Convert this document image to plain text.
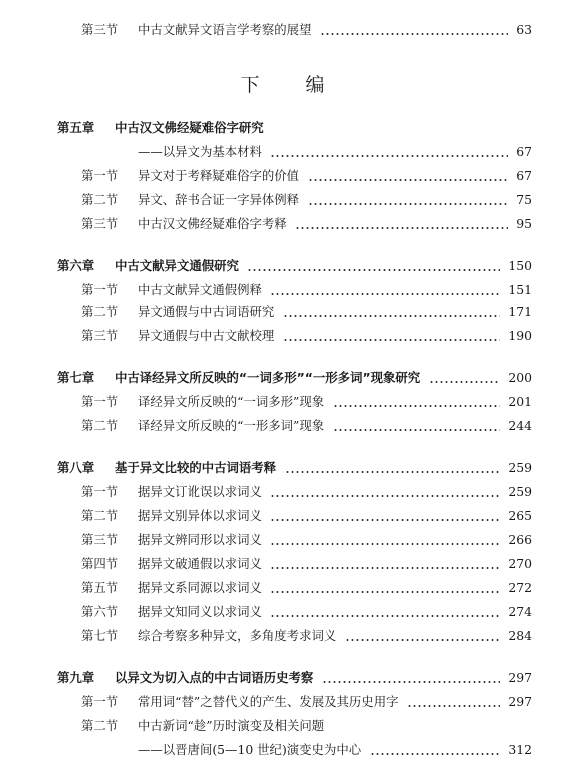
第三节 中古文献异文语言学考察的展望	63
下 编
第五章 中古汉文佛经疑难俗字研究
——以异文为基本材料	67
第一节 异文对于考释疑难俗字的价值	67
第二节 异文、辞书合证一字异体例释	75
第三节 中古汉文佛经疑难俗字考释	95
第六章 中古文献异文通假研究	150
第一节 中古文献异文通假例释	151
第二节 异文通假与中古词语研究	171
第三节 异文通假与中古文献校理	190
第七章 中古译经异文所反映的“一词多形”“一形多词”现象研究	200
第一节 译经异文所反映的“一词多形”现象	201
第二节 译经异文所反映的“一形多词”现象	244
第八章 基于异文比较的中古词语考释	259
第一节 据异文订讹误以求词义	259
第二节 据异文别异体以求词义	265
第三节 据异文辨同形以求词义	266
第四节 据异文破通假以求词义	270
第五节 据异文系同源以求词义	272
第六节 据异文知同义以求词义	274
第七节 综合考察多种异文，多角度考求词义	284
第九章 以异文为切入点的中古词语历史考察	297
第一节 常用词“替”之替代义的产生、发展及其历史用字	297
第二节 中古新词“趁”历时演变及相关问题
——以晋唐间(5—10 世纪)演变史为中心	312
